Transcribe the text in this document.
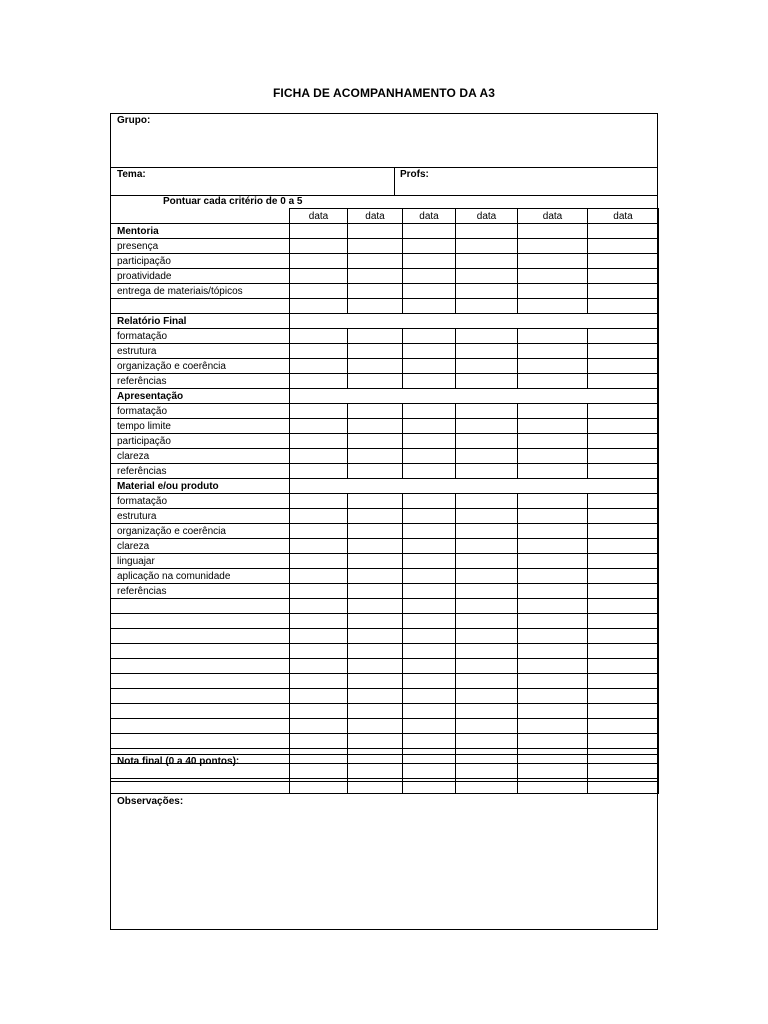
FICHA DE ACOMPANHAMENTO DA A3
Grupo:
Tema:	Profs:
Pontuar cada critério de 0 a 5
	data	data	data	data	data	data
Mentoria						
presença						
participação						
proatividade						
entrega de materiais/tópicos						

Relatório Final						
formatação						
estrutura						
organização e coerência						
referências						
Apresentação						
formatação						
tempo limite						
participação						
clareza						
referências						
Material e/ou produto						
formatação						
estrutura						
organização e coerência						
clareza						
linguajar						
aplicação na comunidade						
referências						

Nota final (0 a 40 pontos):
Observações:
